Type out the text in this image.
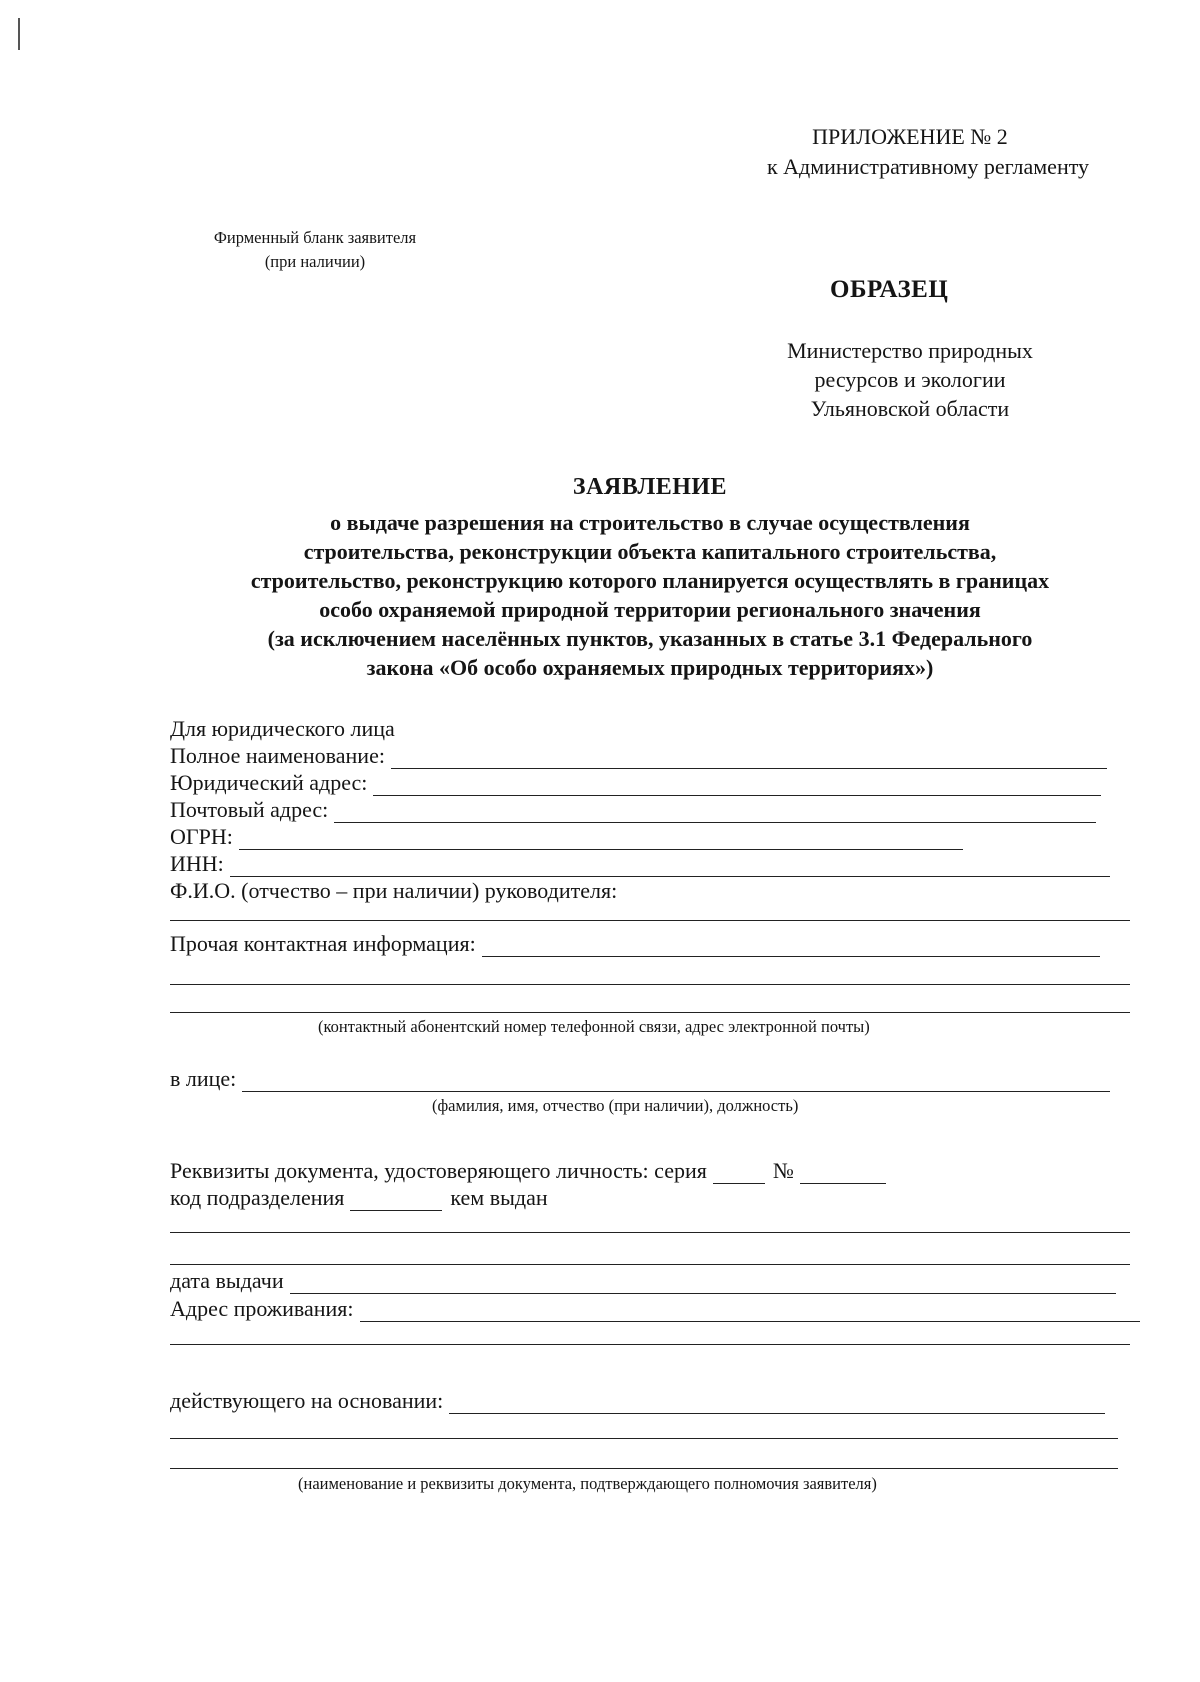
ПРИЛОЖЕНИЕ № 2
к Административному регламенту
Фирменный бланк заявителя
(при наличии)
ОБРАЗЕЦ
Министерство природных
ресурсов и экологии
Ульяновской области
ЗАЯВЛЕНИЕ
о выдаче разрешения на строительство в случае осуществления
строительства, реконструкции объекта капитального строительства,
строительство, реконструкцию которого планируется осуществлять в границах
особо охраняемой природной территории регионального значения
(за исключением населённых пунктов, указанных в статье 3.1 Федерального
закона «Об особо охраняемых природных территориях»)
Для юридического лица
Полное наименование:
Юридический адрес:
Почтовый адрес:
ОГРН:
ИНН:
Ф.И.О. (отчество – при наличии) руководителя:
Прочая контактная информация:
(контактный абонентский номер телефонной связи, адрес электронной почты)
в лице:
(фамилия, имя, отчество (при наличии), должность)
Реквизиты документа, удостоверяющего личность: серия	№
код подразделения	кем выдан
дата выдачи
Адрес проживания:
действующего на основании:
(наименование и реквизиты документа, подтверждающего полномочия заявителя)
